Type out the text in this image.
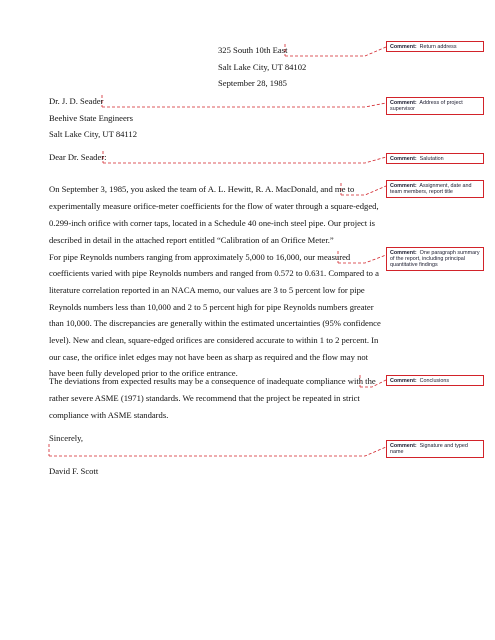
325 South 10th East
Salt Lake City, UT 84102
September 28, 1985
Dr. J. D. Seader
Beehive State Engineers
Salt Lake City, UT 84112
Dear Dr. Seader:
On September 3, 1985, you asked the team of A. L. Hewitt, R. A. MacDonald, and me to
experimentally measure orifice-meter coefficients for the flow of water through a square-edged,
0.299-inch orifice with corner taps, located in a Schedule 40 one-inch steel pipe. Our project is
described in detail in the attached report entitled “Calibration of an Orifice Meter.”
For pipe Reynolds numbers ranging from approximately 5,000 to 16,000, our measured
coefficients varied with pipe Reynolds numbers and ranged from 0.572 to 0.631. Compared to a
literature correlation reported in an NACA memo, our values are 3 to 5 percent low for pipe
Reynolds numbers less than 10,000 and 2 to 5 percent high for pipe Reynolds numbers greater
than 10,000. The discrepancies are generally within the estimated uncertainties (95% confidence
level). New and clean, square-edged orifices are considered accurate to within 1 to 2 percent. In
our case, the orifice inlet edges may not have been as sharp as required and the flow may not
have been fully developed prior to the orifice entrance.
The deviations from expected results may be a consequence of inadequate compliance with the
rather severe ASME (1971) standards. We recommend that the project be repeated in strict
compliance with ASME standards.
Sincerely,
David F. Scott
Comment:  Return address
Comment:  Address of project supervisor
Comment:  Salutation
Comment:  Assignment, date and team members, report title
Comment:  One paragraph summary of the report, including principal quantitative findings
Comment:  Conclusions
Comment:  Signature and typed name
